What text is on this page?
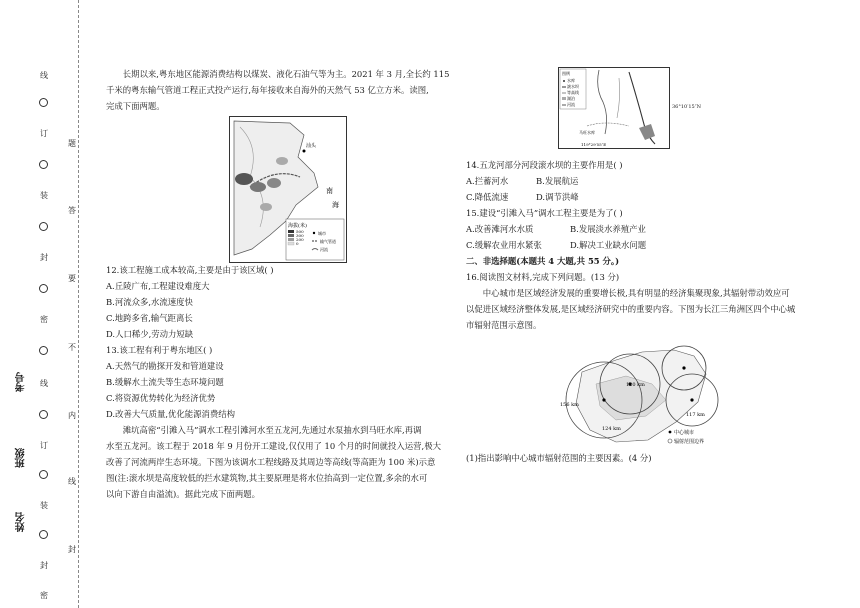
线
订
装
封
密
线
订
装
封
密
题
答
要
不
内
线
封
考号
班级
姓名

长期以来,粤东地区能源消费结构以煤炭、液化石油气等为主。2021 年 3 月,全长约 115

千米的粤东输气管道工程正式投产运行,每年接收来自海外的天然气 53 亿立方米。读图,

完成下面两题。

南
海
汕头
海拔(米)
500
300
200
0
城市
输气管道
河流

12.该工程施工成本较高,主要是由于该区域( )

A.丘陵广布,工程建设难度大

B.河流众多,水流速度快

C.地跨多省,输气距离长

D.人口稀少,劳动力短缺

13.该工程有利于粤东地区( )

A.天然气的勘探开发和管道建设

B.缓解水土流失等生态环境问题

C.将资源优势转化为经济优势

D.改善大气质量,优化能源消费结构

滩坑高密“引滩入马”调水工程引滩河水至五龙河,先通过水泵抽水到马旺水库,再调

水至五龙河。该工程于 2018 年 9 月份开工建设,仅仅用了 10 个月的时间就投入运营,极大

改善了河流两岸生态环境。下图为该调水工程线路及其周边等高线(等高距为 100 米)示意

图(注:滚水坝是高度较低的拦水建筑物,其主要原理是将水位抬高到一定位置,多余的水可

以向下游自由溢流)。据此完成下面两题。

图例
水库
滚水坝
等高线
湖泊
河流
马旺水库
119°29′55″E
36°10′15″N

14.五龙河部分河段滚水坝的主要作用是( )

A.拦蓄河水	B.发展航运

C.降低流速	D.调节洪峰

15.建设“引滩入马”调水工程主要是为了( )

A.改善滩河水水质	B.发展淡水养殖产业

C.缓解农业用水紧张	D.解决工业缺水问题

二、非选择题(本题共 4 大题,共 55 分。)

16.阅读图文材料,完成下列问题。(13 分)

中心城市是区域经济发展的重要增长极,具有明显的经济集聚现象,其辐射带动效应可

以促进区域经济整体发展,是区域经济研究中的重要内容。下图为长江三角洲区四个中心城

市辐射范围示意图。

120 km
156 km
124 km
117 km
中心城市
辐射范围边界

(1)指出影响中心城市辐射范围的主要因素。(4 分)
